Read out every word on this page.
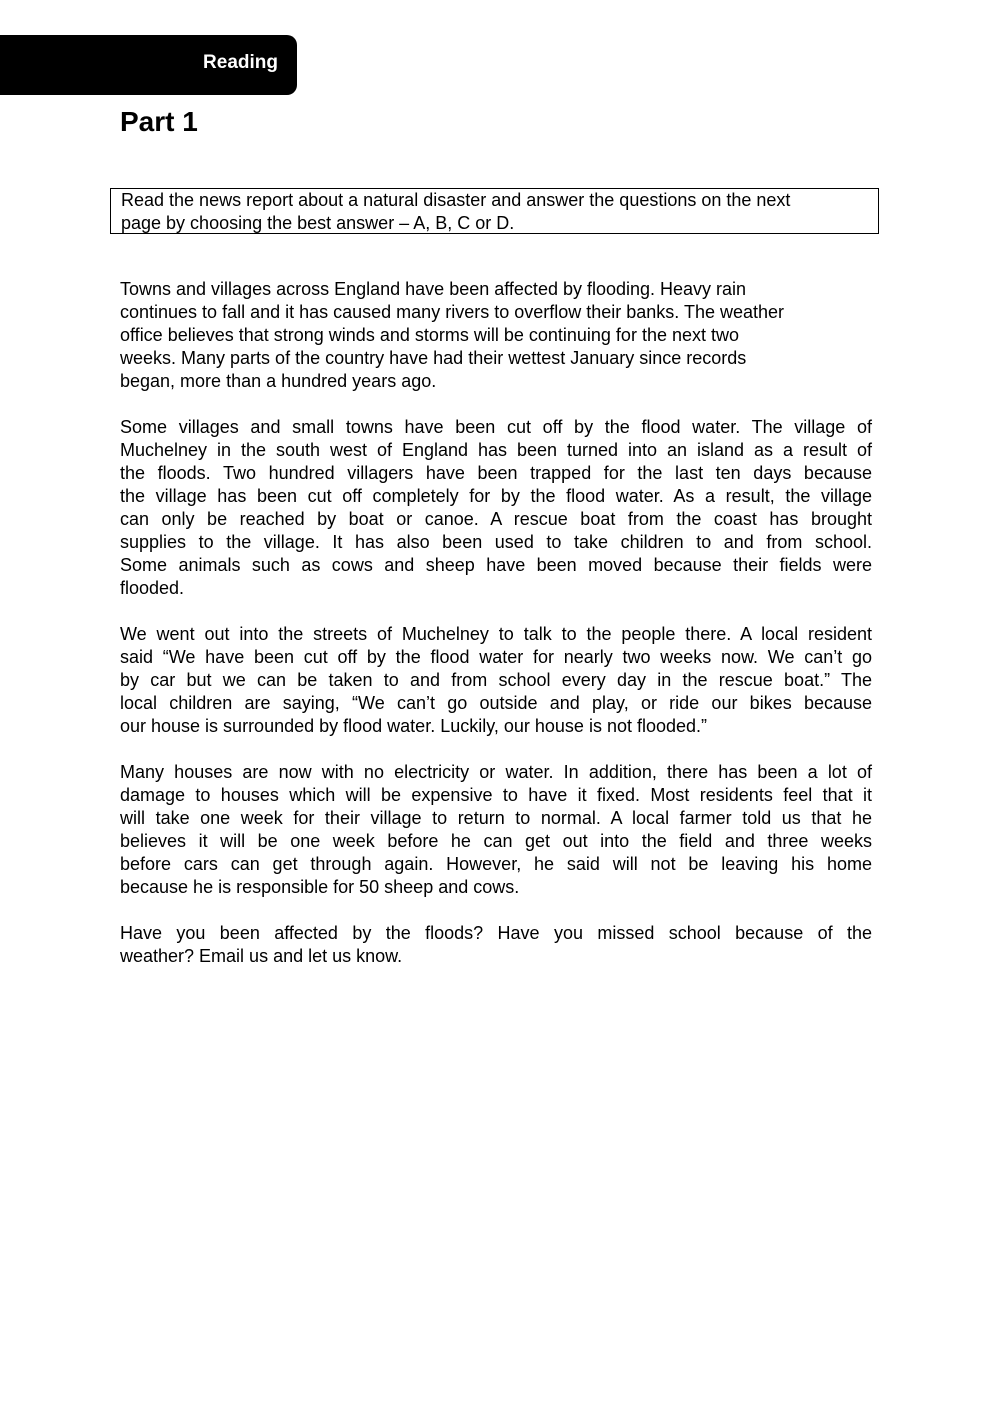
Reading
Part 1
Read the news report about a natural disaster and answer the questions on the next
page by choosing the best answer – A, B, C or D.
Towns and villages across England have been affected by flooding. Heavy rain
continues to fall and it has caused many rivers to overflow their banks. The weather
office believes that strong winds and storms will be continuing for the next two
weeks. Many parts of the country have had their wettest January since records
began, more than a hundred years ago.
Some villages and small towns have been cut off by the flood water. The village of
Muchelney in the south west of England has been turned into an island as a result of
the floods. Two hundred villagers have been trapped for the last ten days because
the village has been cut off completely for by the flood water. As a result, the village
can only be reached by boat or canoe. A rescue boat from the coast has brought
supplies to the village. It has also been used to take children to and from school.
Some animals such as cows and sheep have been moved because their fields were
flooded.
We went out into the streets of Muchelney to talk to the people there. A local resident
said “We have been cut off by the flood water for nearly two weeks now. We can’t go
by car but we can be taken to and from school every day in the rescue boat.” The
local children are saying, “We can’t go outside and play, or ride our bikes because
our house is surrounded by flood water. Luckily, our house is not flooded.”
Many houses are now with no electricity or water. In addition, there has been a lot of
damage to houses which will be expensive to have it fixed. Most residents feel that it
will take one week for their village to return to normal. A local farmer told us that he
believes it will be one week before he can get out into the field and three weeks
before cars can get through again. However, he said will not be leaving his home
because he is responsible for 50 sheep and cows.
Have you been affected by the floods? Have you missed school because of the
weather? Email us and let us know.
